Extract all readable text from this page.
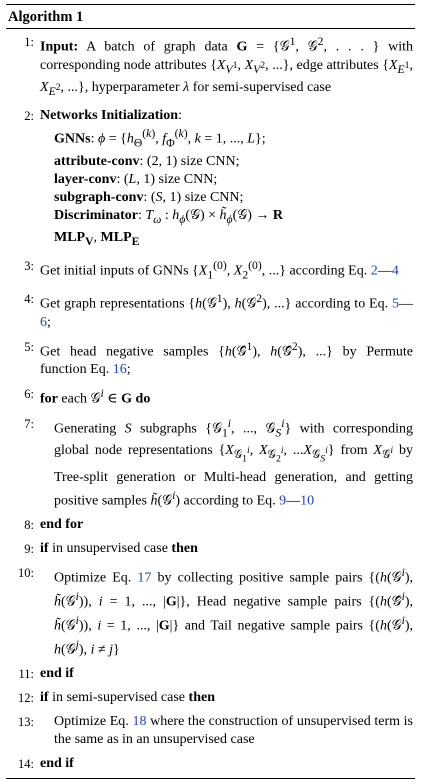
Algorithm 1
1: Input: A batch of graph data G = {𝒢$^1$, 𝒢$^2$, . . . } with corresponding node attributes {$X_{V^1}$, $X_{V^2}$, ...}, edge attributes {$X_{E^1}$, $X_{E^2}$, ...}, hyperparameter λ for semi-supervised case
2: Networks Initialization:

GNNs: $\phi = \{h_\Theta^{(k)}$, $f_\Phi^{(k)}$, k = 1, ..., L};
attribute-conv: (2, 1) size CNN;
layer-conv: (L, 1) size CNN;
subgraph-conv: (S, 1) size CNN;
Discriminator: $T_\omega$ : $h_\phi(𝒢)$ × $h̃_\phi(𝒢) \to R$
$MLP_V$, $MLP_E$
3: Get initial inputs of GNNs {$X_1^{(0)}$, $X_2^{(0)}$, ...} according Eq. 2—4
4: Get graph representations {h(𝒢$^1$), h(𝒢$^2$), ...} according to Eq. 5—6;
5: Get head negative samples {h(𝒢̂$^1$), h(𝒢̂$^2$), ...} by Permute function Eq. 16;
6: for each 𝒢$^i$ ∈ G do
7:	Generating S subgraphs {𝒢$_1^i$, ..., 𝒢$_S^i$} with corresponding global node representations {$X_{𝒢_1^i}$, $X_{𝒢_2^i}$, $...X_{𝒢_S^i}$} from $X_{𝒢^i}$ by Tree-split generation or Multi-head generation, and getting positive samples h̃(𝒢$^i$) according to Eq. 9—10
8: end for
9: if in unsupervised case then
10:	Optimize Eq. 17 by collecting positive sample pairs {(h(𝒢$^i$), h̃(𝒢$^i$)), i = 1, ..., |G|}, Head negative sample pairs {(h(𝒢̂$^i$), h̃(𝒢$^i$)), i = 1, ..., |G|} and Tail negative sample pairs {(h(𝒢$^i$), h(𝒢$^j$), i ≠ j}
11: end if
12: if in semi-supervised case then
13:	Optimize Eq. 18 where the construction of unsupervised term is the same as in an unsupervised case
14: end if
